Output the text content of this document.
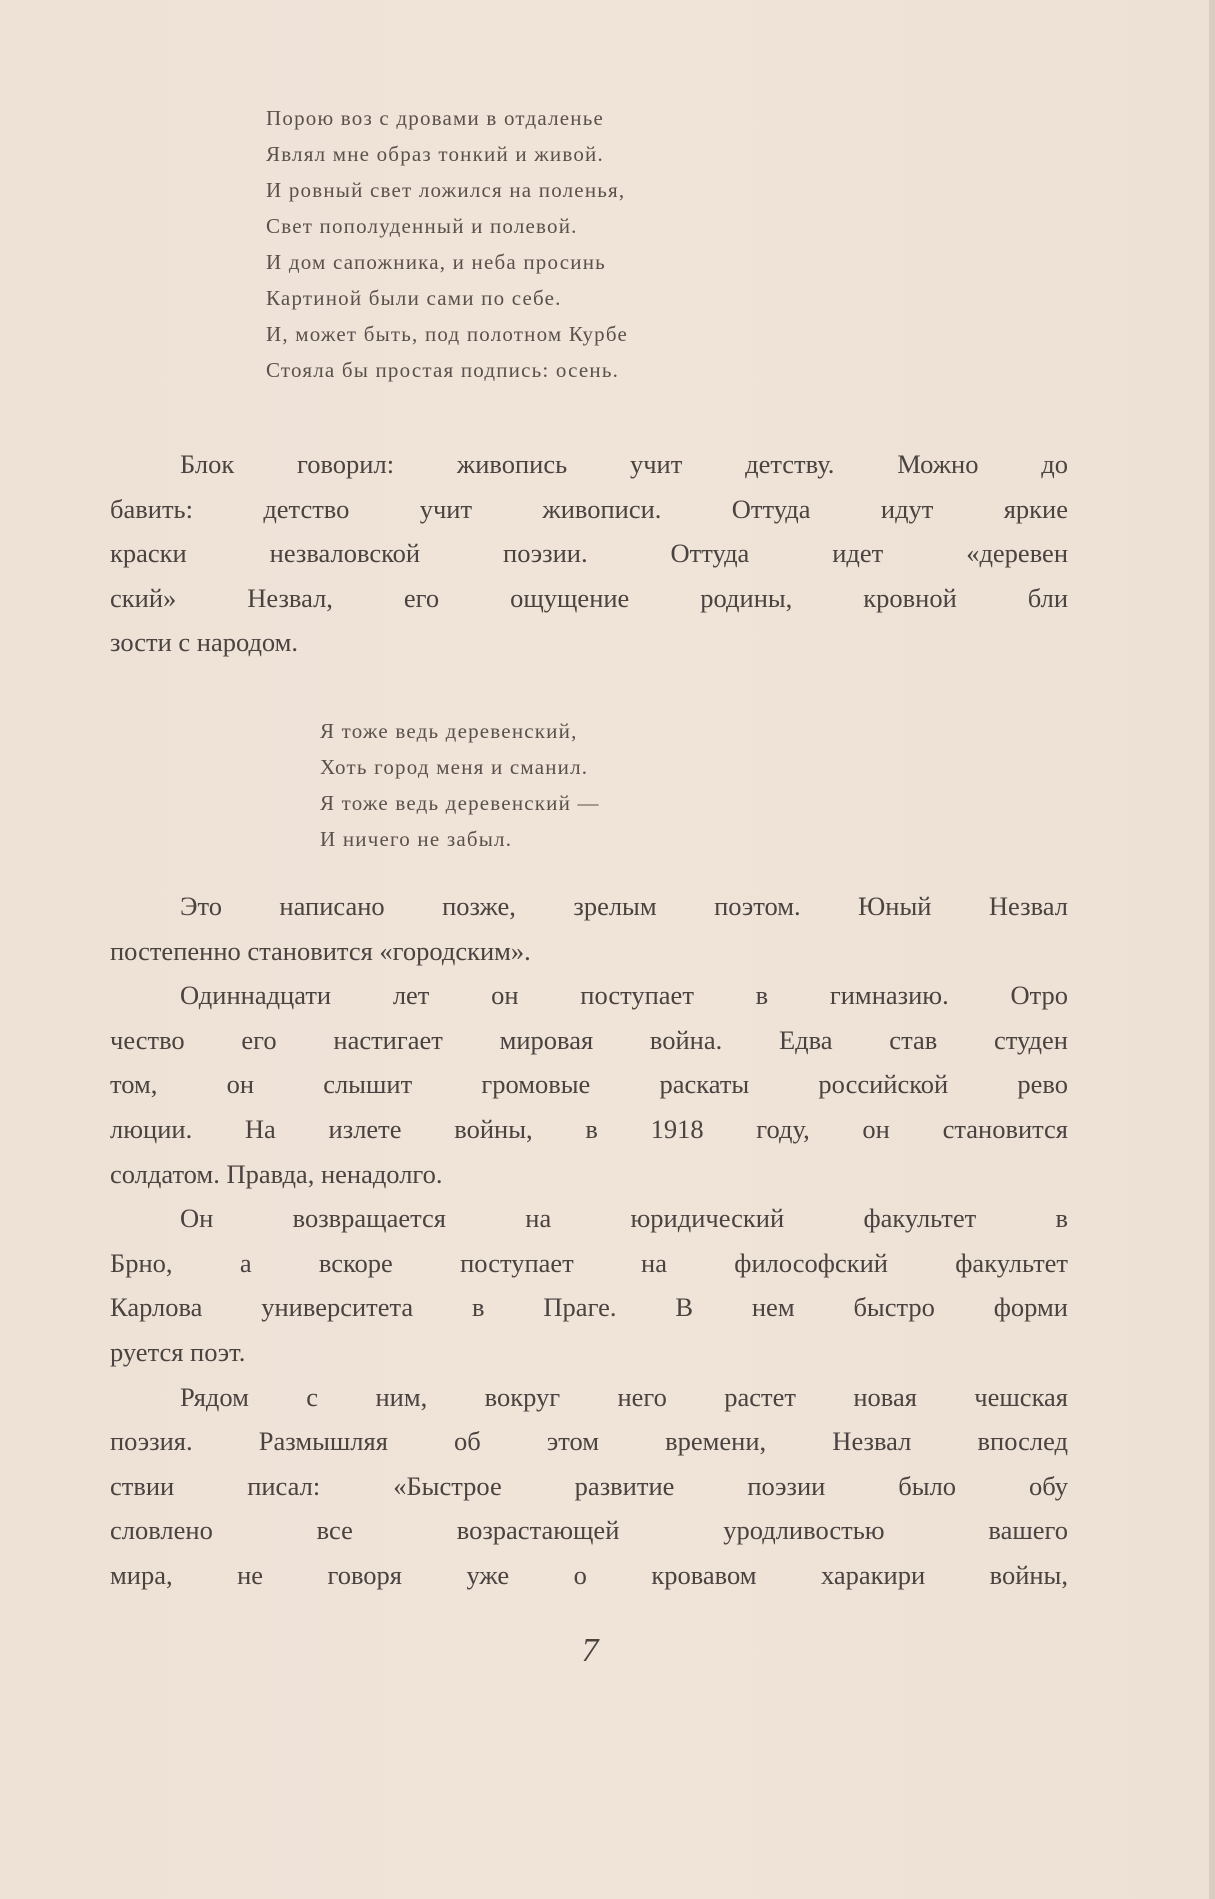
Порою воз с дровами в отдаленье
Являл мне образ тонкий и живой.
И ровный свет ложился на поленья,
Свет пополуденный и полевой.
И дом сапожника, и неба просинь
Картиной были сами по себе.
И, может быть, под полотном Курбе
Стояла бы простая подпись: осень.
Блок говорил: живопись учит детству. Можно до
бавить: детство учит живописи. Оттуда идут яркие
краски незваловской поэзии. Оттуда идет «деревен
ский» Незвал, его ощущение родины, кровной бли
зости с народом.
Я тоже ведь деревенский,
Хоть город меня и сманил.
Я тоже ведь деревенский —
И ничего не забыл.
Это написано позже, зрелым поэтом. Юный Незвал
постепенно становится «городским».
Одиннадцати лет он поступает в гимназию. Отро
чество его настигает мировая война. Едва став студен
том, он слышит громовые раскаты российской рево
люции. На излете войны, в 1918 году, он становится
солдатом. Правда, ненадолго.
Он возвращается на юридический факультет в
Брно, а вскоре поступает на философский факультет
Карлова университета в Праге. В нем быстро форми
руется поэт.
Рядом с ним, вокруг него растет новая чешская
поэзия. Размышляя об этом времени, Незвал впослед
ствии писал: «Быстрое развитие поэзии было обу
словлено все возрастающей уродливостью вашего
мира, не говоря уже о кровавом харакири войны,
7
